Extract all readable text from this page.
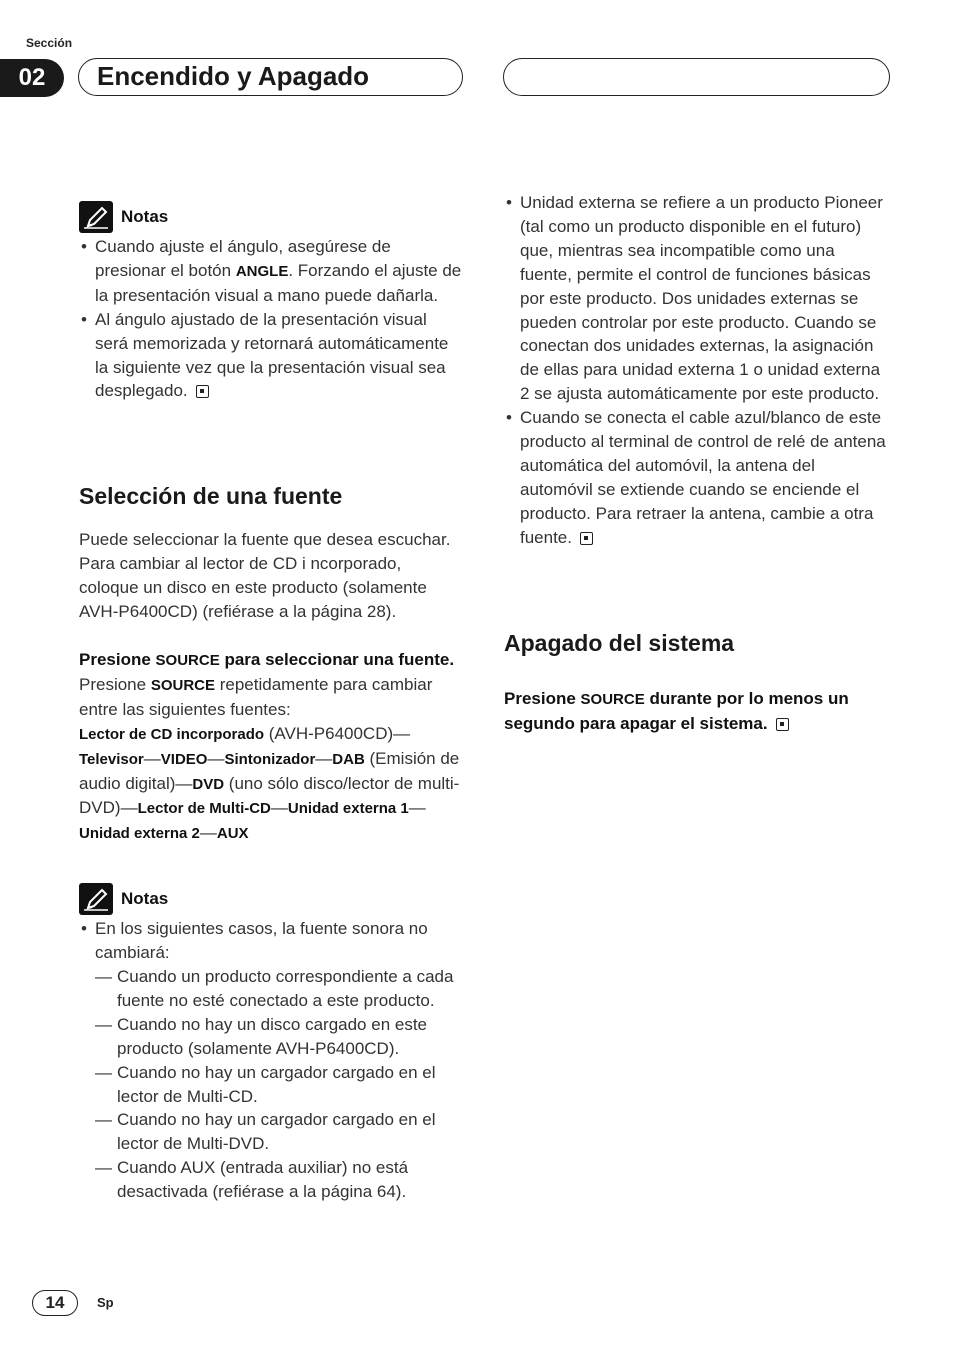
Sección
02	Encendido y Apagado
Notas
• Cuando ajuste el ángulo, asegúrese de presionar el botón ANGLE. Forzando el ajuste de la presentación visual a mano puede dañarla.
• Al ángulo ajustado de la presentación visual será memorizada y retornará automáticamente la siguiente vez que la presentación visual sea desplegado.
Selección de una fuente
Puede seleccionar la fuente que desea escuchar. Para cambiar al lector de CD i ncorporado, coloque un disco en este producto (solamente AVH-P6400CD) (refiérase a la página 28).
Presione SOURCE para seleccionar una fuente.
Presione SOURCE repetidamente para cambiar entre las siguientes fuentes:
Lector de CD incorporado (AVH-P6400CD)—Televisor—VIDEO—Sintonizador—DAB (Emisión de audio digital)—DVD (uno sólo disco/lector de multi-DVD)—Lector de Multi-CD—Unidad externa 1—Unidad externa 2—AUX
Notas
• En los siguientes casos, la fuente sonora no cambiará:
— Cuando un producto correspondiente a cada fuente no esté conectado a este producto.
— Cuando no hay un disco cargado en este producto (solamente AVH-P6400CD).
— Cuando no hay un cargador cargado en el lector de Multi-CD.
— Cuando no hay un cargador cargado en el lector de Multi-DVD.
— Cuando AUX (entrada auxiliar) no está desactivada (refiérase a la página 64).
• Unidad externa se refiere a un producto Pioneer (tal como un producto disponible en el futuro) que, mientras sea incompatible como una fuente, permite el control de funciones básicas por este producto. Dos unidades externas se pueden controlar por este producto. Cuando se conectan dos unidades externas, la asignación de ellas para unidad externa 1 o unidad externa 2 se ajusta automáticamente por este producto.
• Cuando se conecta el cable azul/blanco de este producto al terminal de control de relé de antena automática del automóvil, la antena del automóvil se extiende cuando se enciende el producto. Para retraer la antena, cambie a otra fuente.
Apagado del sistema
Presione SOURCE durante por lo menos un segundo para apagar el sistema.
14	Sp
